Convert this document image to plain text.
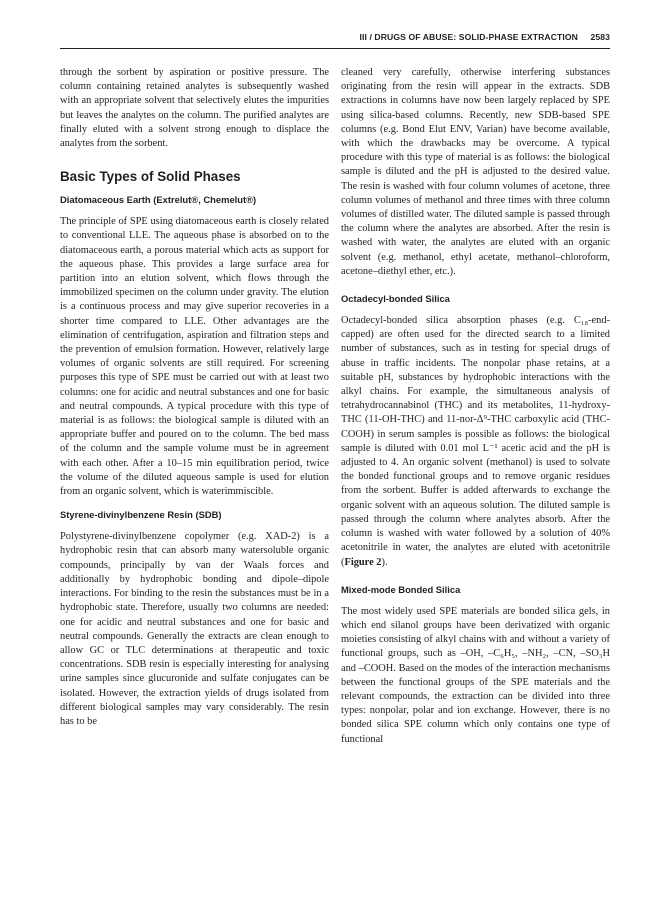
III / DRUGS OF ABUSE: SOLID-PHASE EXTRACTION 2583

through the sorbent by aspiration or positive pressure. The column containing retained analytes is subsequently washed with an appropriate solvent that selectively elutes the impurities but leaves the analytes on the column. The purified analytes are finally eluted with a solvent strong enough to displace the analytes from the sorbent.

Basic Types of Solid Phases
Diatomaceous Earth (Extrelut®, Chemelut®)

The principle of SPE using diatomaceous earth is closely related to conventional LLE. The aqueous phase is absorbed on to the diatomaceous earth, a porous material which acts as support for the aqueous phase. This provides a large surface area for partition into an elution solvent, which flows through the immobilized specimen on the column under gravity. The elution is a continuous process and may give superior recoveries in a shorter time compared to LLE. Other advantages are the elimination of centrifugation, aspiration and filtration steps and the prevention of emulsion formation. However, relatively large volumes of organic solvents are still required. For screening purposes this type of SPE must be carried out with at least two columns: one for acidic and neutral substances and one for basic and neutral compounds. A typical procedure with this type of material is as follows: the biological sample is diluted with an appropriate buffer and poured on to the column. The bed mass of the column and the sample volume must be in agreement with each other. After a 10–15 min equilibration period, twice the volume of the diluted aqueous sample is used for elution from an organic solvent, which is waterimmiscible.

Styrene-divinylbenzene Resin (SDB)

Polystyrene-divinylbenzene copolymer (e.g. XAD-2) is a hydrophobic resin that can absorb many watersoluble organic compounds, principally by van der Waals forces and additionally by hydrophobic bonding and dipole–dipole interactions. For binding to the resin the substances must be in a hydrophobic state. Therefore, usually two columns are needed: one for acidic and neutral substances and one for basic and neutral compounds. Generally the extracts are clean enough to allow GC or TLC determinations at therapeutic and toxic concentrations. SDB resin is especially interesting for analysing urine samples since glucuronide and sulfate conjugates can be isolated. However, the extraction yields of drugs isolated from different biological samples may vary considerably. The resin has to be

cleaned very carefully, otherwise interfering substances originating from the resin will appear in the extracts. SDB extractions in columns have now been largely replaced by SPE using silica-based columns. Recently, new SDB-based SPE columns (e.g. Bond Elut ENV, Varian) have become available, with which the drawbacks may be overcome. A typical procedure with this type of material is as follows: the biological sample is diluted and the pH is adjusted to the desired value. The resin is washed with four column volumes of acetone, three column volumes of methanol and three times with three column volumes of distilled water. The diluted sample is passed through the column where the analytes are absorbed. After the resin is washed with water, the analytes are eluted with an organic solvent (e.g. methanol, ethyl acetate, methanol–chloroform, acetone–diethyl ether, etc.).

Octadecyl-bonded Silica

Octadecyl-bonded silica absorption phases (e.g. C₁₈-end-capped) are often used for the directed search to a limited number of substances, such as in testing for special drugs of abuse in traffic incidents. The nonpolar phase retains, at a suitable pH, substances by hydrophobic interactions with the alkyl chains. For example, the simultaneous analysis of tetrahydrocannabinol (THC) and its metabolites, 11-hydroxy-THC (11-OH-THC) and 11-nor-Δ⁹-THC carboxylic acid (THC-COOH) in serum samples is possible as follows: the biological sample is diluted with 0.01 mol L⁻¹ acetic acid and the pH is adjusted to 4. An organic solvent (methanol) is used to solvate the bonded functional groups and to remove organic residues from the sorbent. Buffer is added afterwards to exchange the organic solvent with an aqueous solution. The diluted sample is passed through the column where analytes absorb. After the column is washed with water followed by a solution of 40% acetonitrile in water, the analytes are eluted with acetonitrile (Figure 2).

Mixed-mode Bonded Silica

The most widely used SPE materials are bonded silica gels, in which end silanol groups have been derivatized with organic moieties consisting of alkyl chains with and without a variety of functional groups, such as –OH, –C₆H₅, –NH₂, –CN, –SO₃H and –COOH. Based on the modes of the interaction mechanisms between the functional groups of the SPE materials and the relevant compounds, the extraction can be divided into three types: nonpolar, polar and ion exchange. However, there is no bonded silica SPE column which only contains one type of functional
